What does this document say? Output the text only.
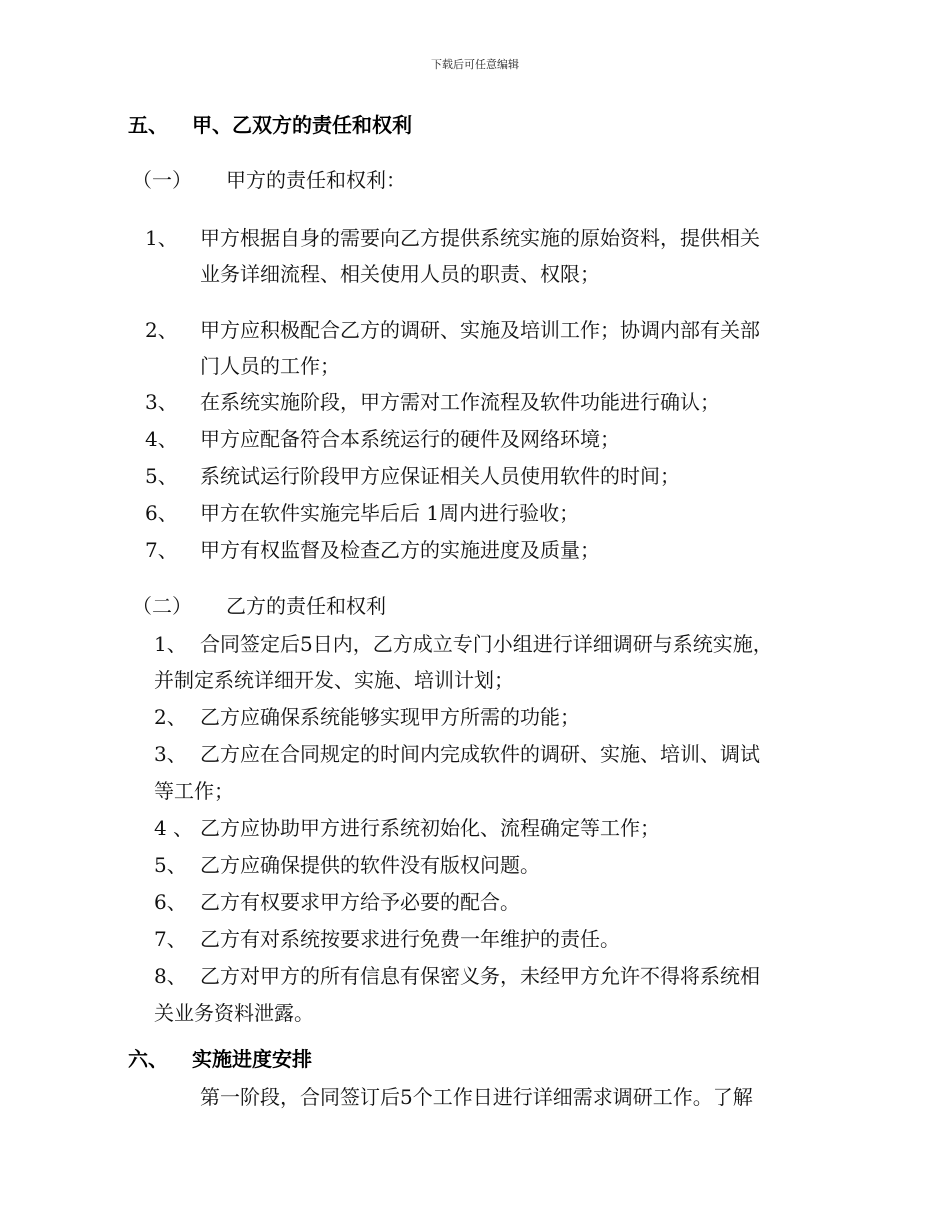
下载后可任意编辑
五、 甲、乙双方的责任和权利
（一） 甲方的责任和权利：
1、 甲方根据自身的需要向乙方提供系统实施的原始资料，提供相关
业务详细流程、相关使用人员的职责、权限；
2、 甲方应积极配合乙方的调研、实施及培训工作；协调内部有关部
门人员的工作；
3、 在系统实施阶段，甲方需对工作流程及软件功能进行确认；
4、 甲方应配备符合本系统运行的硬件及网络环境；
5、 系统试运行阶段甲方应保证相关人员使用软件的时间；
6、 甲方在软件实施完毕后后 1周内进行验收；
7、 甲方有权监督及检查乙方的实施进度及质量；
（二） 乙方的责任和权利
1、 合同签定后5日内，乙方成立专门小组进行详细调研与系统实施，
并制定系统详细开发、实施、培训计划；
2、 乙方应确保系统能够实现甲方所需的功能；
3、 乙方应在合同规定的时间内完成软件的调研、实施、培训、调试
等工作；
4 、 乙方应协助甲方进行系统初始化、流程确定等工作；
5、 乙方应确保提供的软件没有版权问题。
6、 乙方有权要求甲方给予必要的配合。
7、 乙方有对系统按要求进行免费一年维护的责任。
8、 乙方对甲方的所有信息有保密义务，未经甲方允许不得将系统相
关业务资料泄露。
六、 实施进度安排
第一阶段，合同签订后5个工作日进行详细需求调研工作。了解
